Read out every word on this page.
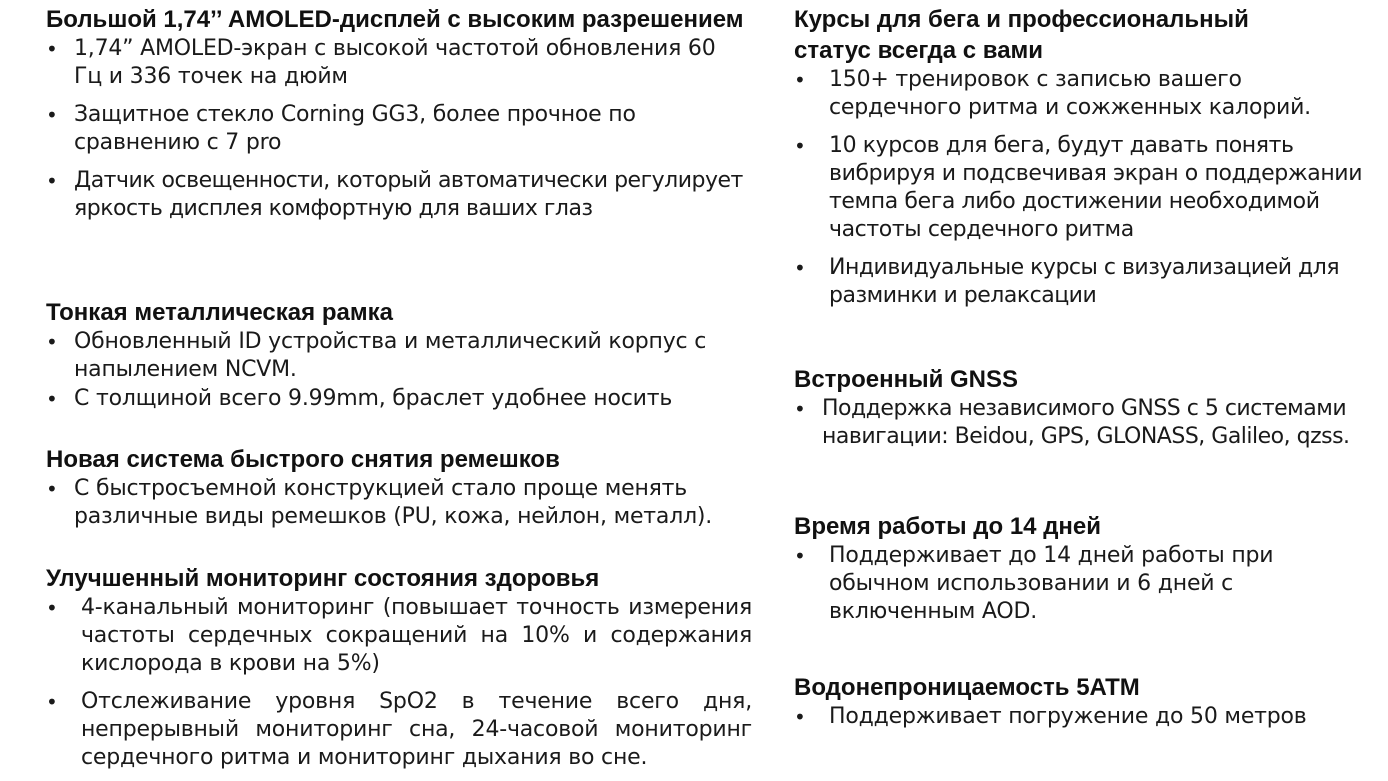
Большой 1,74’’ AMOLED-дисплей с высоким разрешением
• 1,74” AMOLED-экран с высокой частотой обновления 60 Гц и 336 точек на дюйм
• Защитное стекло Corning GG3, более прочное по сравнению с 7 pro
• Датчик освещенности, который автоматически регулирует яркость дисплея комфортную для ваших глаз
Тонкая металлическая рамка
• Обновленный ID устройства и металлический корпус с напылением NCVM.
• С толщиной всего 9.99mm, браслет удобнее носить
Новая система быстрого снятия ремешков
• С быстросъемной конструкцией стало проще менять различные виды ремешков (PU, кожа, нейлон, металл).
Улучшенный мониторинг состояния здоровья
• 4-канальный мониторинг (повышает точность измерения частоты сердечных сокращений на 10% и содержания кислорода в крови на 5%)
• Отслеживание уровня SpO2 в течение всего дня, непрерывный мониторинг сна, 24-часовой мониторинг сердечного ритма и мониторинг дыхания во сне.
Курсы для бега и профессиональный статус всегда с вами
• 150+ тренировок с записью вашего сердечного ритма и сожженных калорий.
• 10 курсов для бега, будут давать понять вибрируя и подсвечивая экран о поддержании темпа бега либо достижении необходимой частоты сердечного ритма
• Индивидуальные курсы с визуализацией для разминки и релаксации
Встроенный GNSS
• Поддержка независимого GNSS с 5 системами навигации: Beidou, GPS, GLONASS, Galileo, qzss.
Время работы до 14 дней
• Поддерживает до 14 дней работы при обычном использовании и 6 дней с включенным AOD.
Водонепроницаемость 5ATM
• Поддерживает погружение до 50 метров
